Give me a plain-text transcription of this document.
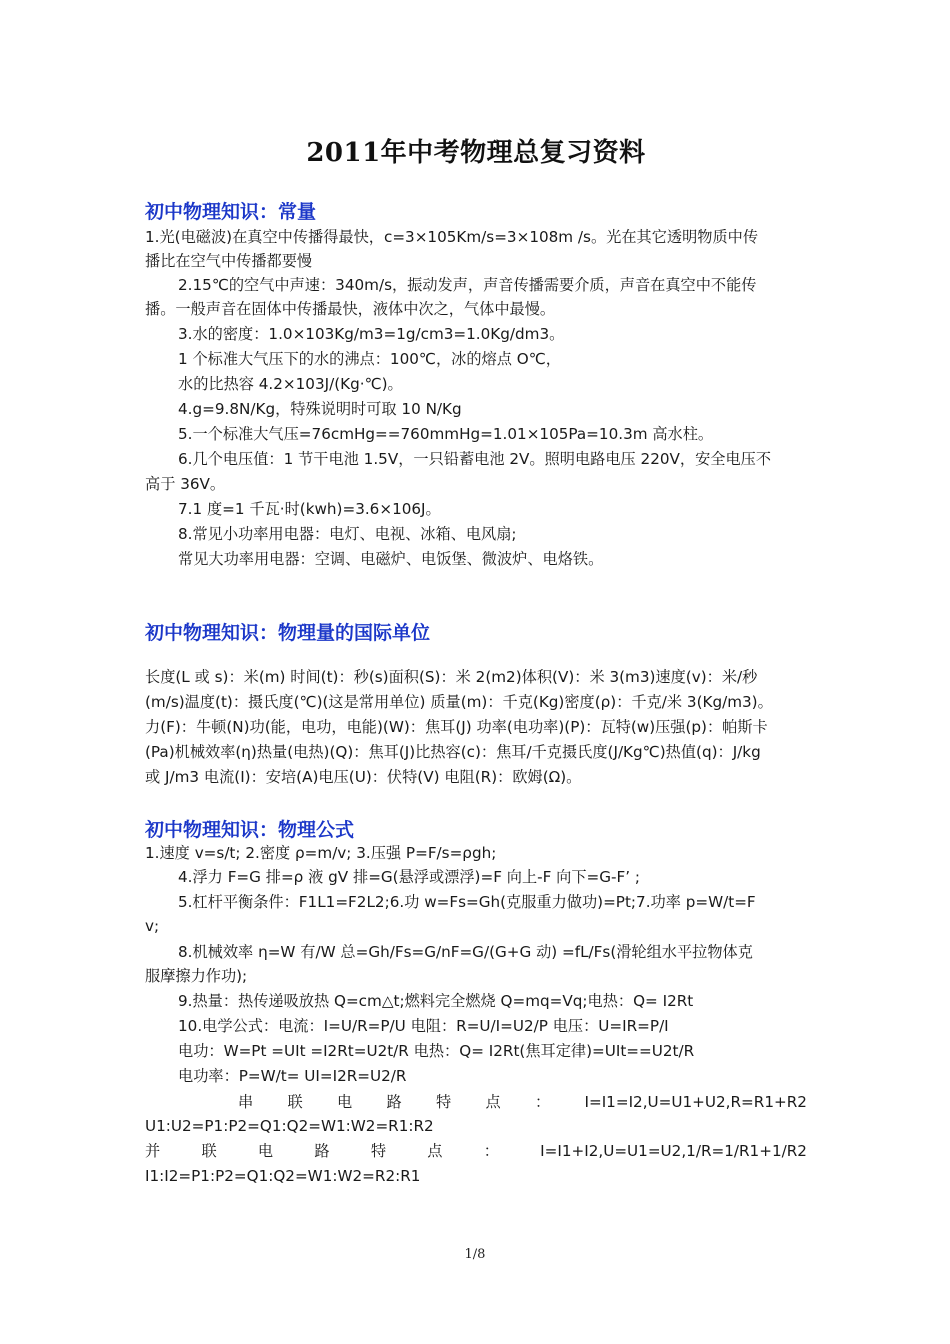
2011年中考物理总复习资料
初中物理知识：常量

1.光(电磁波)在真空中传播得最快，c=3×105Km/s=3×108m /s。光在其它透明物质中传

播比在空气中传播都要慢

2.15℃的空气中声速：340m/s，振动发声，声音传播需要介质，声音在真空中不能传

播。一般声音在固体中传播最快，液体中次之，气体中最慢。

3.水的密度：1.0×103Kg/m3=1g/cm3=1.0Kg/dm3。

1 个标准大气压下的水的沸点：100℃，冰的熔点 O℃，

水的比热容 4.2×103J/(Kg·℃)。

4.g=9.8N/Kg，特殊说明时可取 10 N/Kg

5.一个标准大气压=76cmHg==760mmHg=1.01×105Pa=10.3m 高水柱。

6.几个电压值：1 节干电池 1.5V，一只铅蓄电池 2V。照明电路电压 220V，安全电压不

高于 36V。

7.1 度=1 千瓦·时(kwh)=3.6×106J。

8.常见小功率用电器：电灯、电视、冰箱、电风扇;

常见大功率用电器：空调、电磁炉、电饭堡、微波炉、电烙铁。

初中物理知识：物理量的国际单位

长度(L 或 s)：米(m) 时间(t)：秒(s)面积(S)：米 2(m2)体积(V)：米 3(m3)速度(v)：米/秒

(m/s)温度(t)：摄氏度(℃)(这是常用单位) 质量(m)：千克(Kg)密度(ρ)：千克/米 3(Kg/m3)。

力(F)：牛顿(N)功(能，电功，电能)(W)：焦耳(J) 功率(电功率)(P)：瓦特(w)压强(p)：帕斯卡

(Pa)机械效率(η)热量(电热)(Q)：焦耳(J)比热容(c)：焦耳/千克摄氏度(J/Kg℃)热值(q)：J/kg

或 J/m3 电流(I)：安培(A)电压(U)：伏特(V) 电阻(R)：欧姆(Ω)。

初中物理知识：物理公式

1.速度 v=s/t; 2.密度 ρ=m/v; 3.压强 P=F/s=ρgh;

4.浮力 F=G 排=ρ 液 gV 排=G(悬浮或漂浮)=F 向上-F 向下=G-F’ ;

5.杠杆平衡条件：F1L1=F2L2;6.功 w=Fs=Gh(克服重力做功)=Pt;7.功率 p=W/t=F

v;

8.机械效率 η=W 有/W 总=Gh/Fs=G/nF=G/(G+G 动) =fL/Fs(滑轮组水平拉物体克

服摩擦力作功);

9.热量：热传递吸放热 Q=cm△t;燃料完全燃烧 Q=mq=Vq;电热：Q= I2Rt

10.电学公式：电流：I=U/R=P/U 电阻：R=U/I=U2/P 电压：U=IR=P/I

电功：W=Pt =UIt =I2Rt=U2t/R 电热：Q= I2Rt(焦耳定律)=UIt==U2t/R

电功率：P=W/t= UI=I2R=U2/R

串 联 电 路 特 点 ： I=I1=I2,U=U1+U2,R=R1+R2

U1:U2=P1:P2=Q1:Q2=W1:W2=R1:R2

并	联	电	路	特	点	：	I=I1+I2,U=U1=U2,1/R=1/R1+1/R2

I1:I2=P1:P2=Q1:Q2=W1:W2=R2:R1

1/8
